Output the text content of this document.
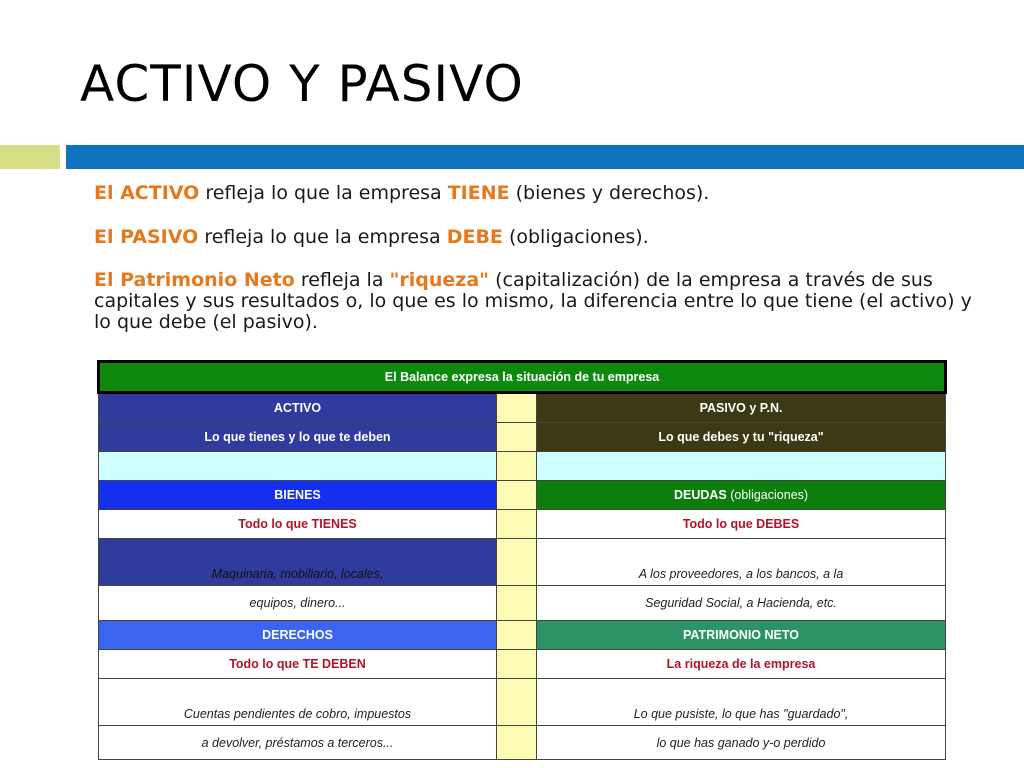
ACTIVO Y PASIVO
El ACTIVO refleja lo que la empresa TIENE (bienes y derechos).
El PASIVO refleja lo que la empresa DEBE (obligaciones).
El Patrimonio Neto refleja la "riqueza" (capitalización) de la empresa a través de sus capitales y sus resultados o, lo que es lo mismo, la diferencia entre lo que tiene (el activo) y lo que debe (el pasivo).
El Balance expresa la situación de tu empresa		
ACTIVO		PASIVO y P.N.
Lo que tienes y lo que te deben		Lo que debes y tu "riqueza"

BIENES		DEUDAS (obligaciones)
Todo lo que TIENES		Todo lo que DEBES
Maquinaria, mobiliario, locales,		A los proveedores, a los bancos, a la
equipos, dinero...		Seguridad Social, a Hacienda, etc.
DERECHOS		PATRIMONIO NETO
Todo lo que TE DEBEN		La riqueza de la empresa
Cuentas pendientes de cobro, impuestos		Lo que pusiste, lo que has "guardado",
a devolver, préstamos a terceros...		lo que has ganado y-o perdido
